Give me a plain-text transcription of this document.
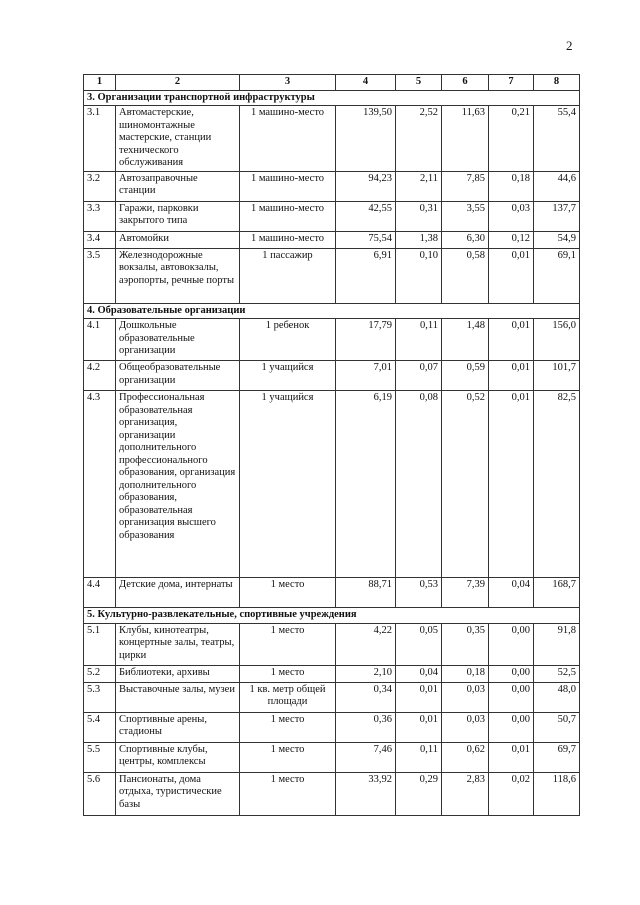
2
1	2	3	4	5	6	7	8
3. Организации транспортной инфраструктуры							
3.1	Автомастерские, шиномонтажные мастерские, станции технического обслуживания	1 машино-место	139,50	2,52	11,63	0,21	55,4
3.2	Автозаправочные станции	1 машино-место	94,23	2,11	7,85	0,18	44,6
3.3	Гаражи, парковки закрытого типа	1 машино-место	42,55	0,31	3,55	0,03	137,7
3.4	Автомойки	1 машино-место	75,54	1,38	6,30	0,12	54,9
3.5	Железнодорожные вокзалы, автовокзалы, аэропорты, речные порты	1 пассажир	6,91	0,10	0,58	0,01	69,1
4. Образовательные организации							
4.1	Дошкольные образовательные организации	1 ребенок	17,79	0,11	1,48	0,01	156,0
4.2	Общеобразовательные организации	1 учащийся	7,01	0,07	0,59	0,01	101,7
4.3	Профессиональная образовательная организация, организации дополнительного профессионального образования, организация дополнительного образования, образовательная организация высшего образования	1 учащийся	6,19	0,08	0,52	0,01	82,5
4.4	Детские дома, интернаты	1 место	88,71	0,53	7,39	0,04	168,7
5. Культурно-развлекательные, спортивные учреждения							
5.1	Клубы, кинотеатры, концертные залы, театры, цирки	1 место	4,22	0,05	0,35	0,00	91,8
5.2	Библиотеки, архивы	1 место	2,10	0,04	0,18	0,00	52,5
5.3	Выставочные залы, музеи	1 кв. метр общей площади	0,34	0,01	0,03	0,00	48,0
5.4	Спортивные арены, стадионы	1 место	0,36	0,01	0,03	0,00	50,7
5.5	Спортивные клубы, центры, комплексы	1 место	7,46	0,11	0,62	0,01	69,7
5.6	Пансионаты, дома отдыха, туристические базы	1 место	33,92	0,29	2,83	0,02	118,6
